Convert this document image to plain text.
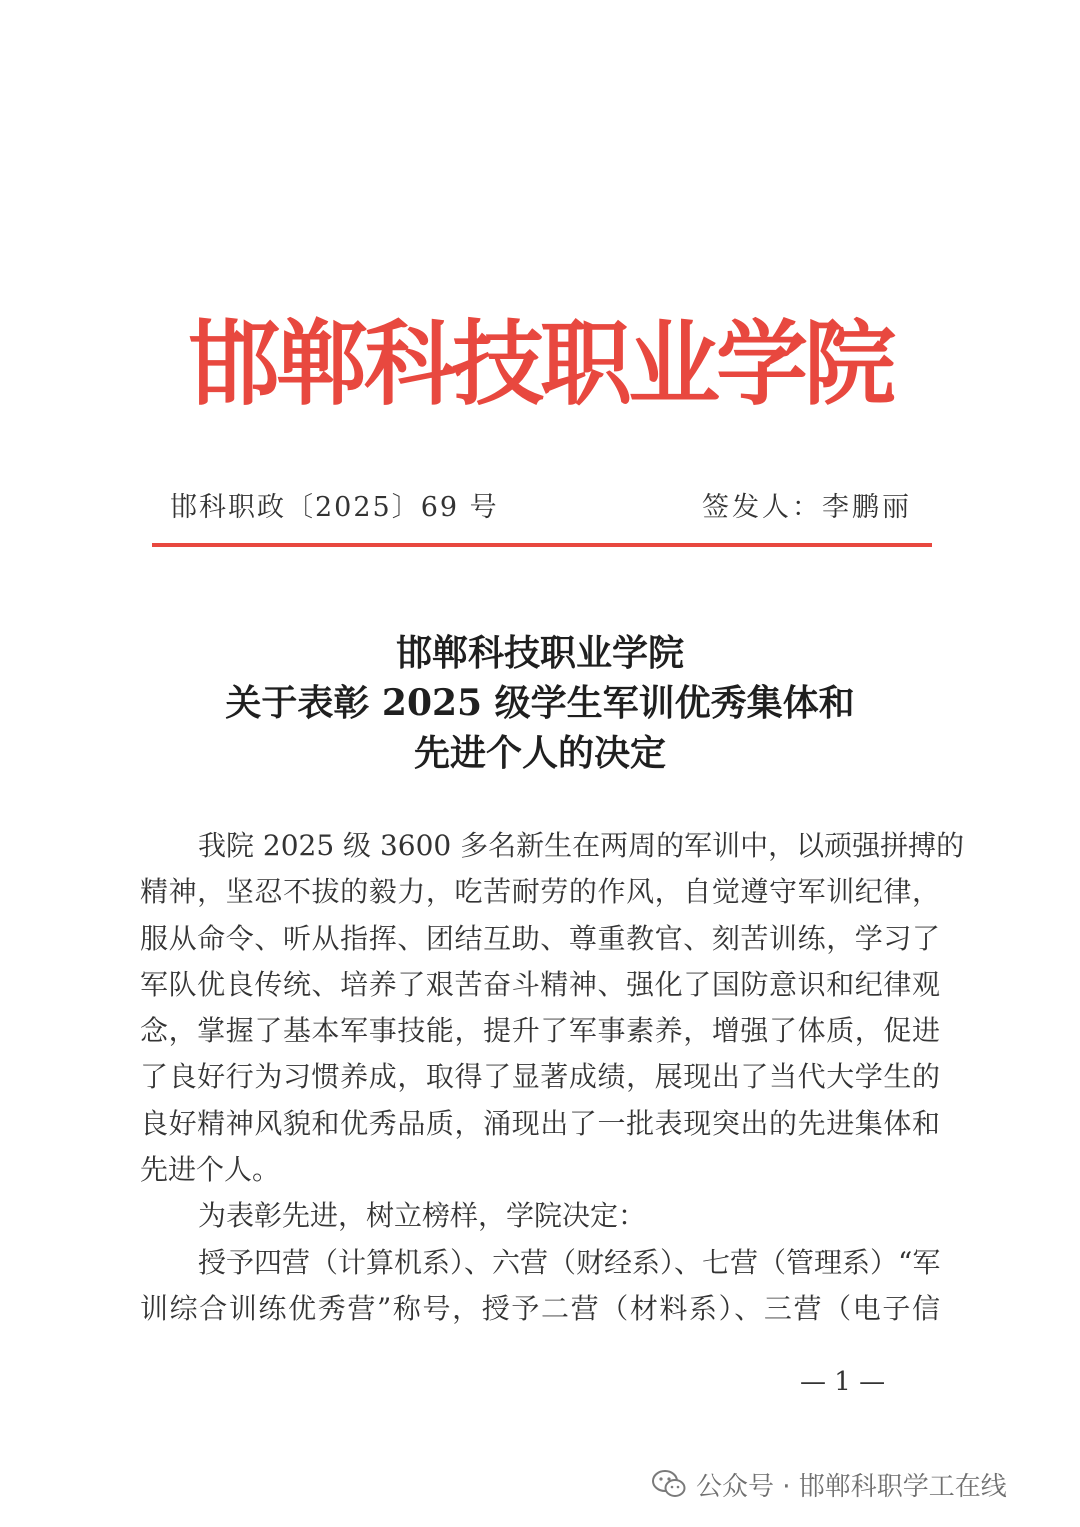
邯郸科技职业学院
邯科职政〔2025〕69 号	签发人：李鹏丽
邯郸科技职业学院
关于表彰 2025 级学生军训优秀集体和
先进个人的决定
我院 2025 级 3600 多名新生在两周的军训中，以顽强拼搏的
精神，坚忍不拔的毅力，吃苦耐劳的作风，自觉遵守军训纪律，
服从命令、听从指挥、团结互助、尊重教官、刻苦训练，学习了
军队优良传统、培养了艰苦奋斗精神、强化了国防意识和纪律观
念，掌握了基本军事技能，提升了军事素养，增强了体质，促进
了良好行为习惯养成，取得了显著成绩，展现出了当代大学生的
良好精神风貌和优秀品质，涌现出了一批表现突出的先进集体和
先进个人。
为表彰先进，树立榜样，学院决定：
授予四营（计算机系）、六营（财经系）、七营（管理系）“军
训综合训练优秀营”称号，授予二营（材料系）、三营（电子信
— 1 —
公众号 · 邯郸科职学工在线
